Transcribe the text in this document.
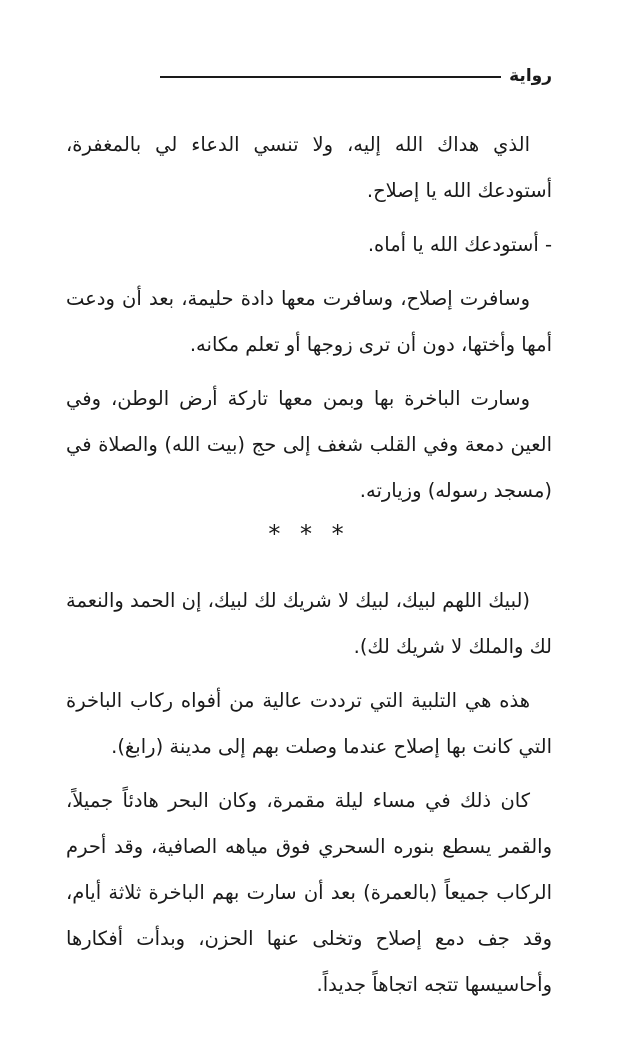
رواية

الذي هداك الله إليه، ولا تنسي الدعاء لي بالمغفرة، أستودعك الله يا إصلاح.

- أستودعك الله يا أماه.

وسافرت إصلاح، وسافرت معها دادة حليمة، بعد أن ودعت أمها وأختها، دون أن ترى زوجها أو تعلم مكانه.

وسارت الباخرة بها وبمن معها تاركة أرض الوطن، وفي العين دمعة وفي القلب شغف إلى حج (بيت الله) والصلاة في (مسجد رسوله) وزيارته.

* * *

(لبيك اللهم لبيك، لبيك لا شريك لك لبيك، إن الحمد والنعمة لك والملك لا شريك لك).

هذه هي التلبية التي ترددت عالية من أفواه ركاب الباخرة التي كانت بها إصلاح عندما وصلت بهم إلى مدينة (رابغ).

كان ذلك في مساء ليلة مقمرة، وكان البحر هادئاً جميلاً، والقمر يسطع بنوره السحري فوق مياهه الصافية، وقد أحرم الركاب جميعاً (بالعمرة) بعد أن سارت بهم الباخرة ثلاثة أيام، وقد جف دمع إصلاح وتخلى عنها الحزن، وبدأت أفكارها وأحاسيسها تتجه اتجاهاً جديداً.
